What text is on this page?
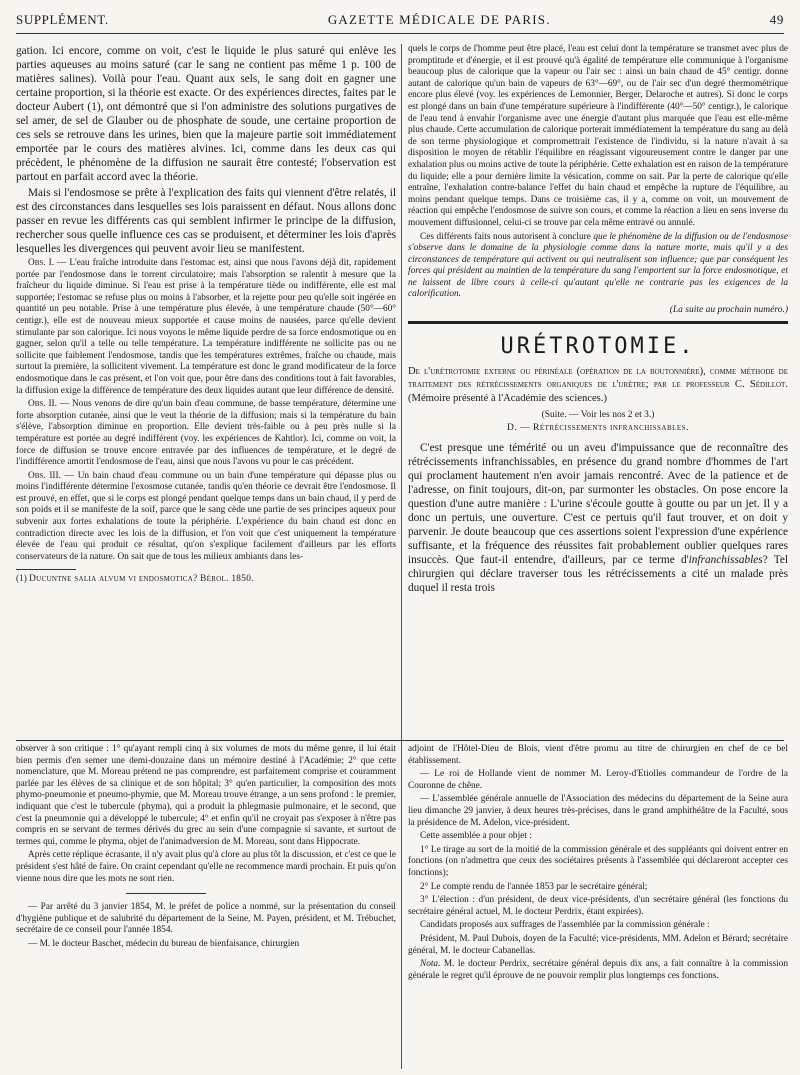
SUPPLÉMENT.	GAZETTE MÉDICALE DE PARIS.	49

gation. Ici encore, comme on voit, c'est le liquide le plus saturé qui enlève les parties aqueuses au moins saturé (car le sang ne contient pas même 1 p. 100 de matières salines). Voilà pour l'eau. Quant aux sels, le sang doit en gagner une certaine proportion, si la théorie est exacte. Or des expériences directes, faites par le docteur Aubert (1), ont démontré que si l'on administre des solutions purgatives de sel amer, de sel de Glauber ou de phosphate de soude, une certaine proportion de ces sels se retrouve dans les urines, bien que la majeure partie soit immédiatement emportée par le cours des matières alvines. Ici, comme dans les deux cas qui précèdent, le phénomène de la diffusion ne saurait être contesté; l'observation est partout en parfait accord avec la théorie.

Mais si l'endosmose se prête à l'explication des faits qui viennent d'être relatés, il est des circonstances dans lesquelles ses lois paraissent en défaut. Nous allons donc passer en revue les différents cas qui semblent infirmer le principe de la diffusion, rechercher sous quelle influence ces cas se produisent, et déterminer les lois d'après lesquelles les divergences qui peuvent avoir lieu se manifestent.

Obs. I. — L'eau fraîche introduite dans l'estomac est, ainsi que nous l'avons déjà dit, rapidement portée par l'endosmose dans le torrent circulatoire; mais l'absorption se ralentit à mesure que la fraîcheur du liquide diminue. Si l'eau est prise à la température tiède ou indifférente, elle est mal supportée; l'estomac se refuse plus ou moins à l'absorber, et la rejette pour peu qu'elle soit ingérée en quantité un peu notable. Prise à une température plus élevée, à une température chaude (50°—60° centigr.), elle est de nouveau mieux supportée et cause moins de nausées, parce qu'elle devient stimulante par son calorique. Ici nous voyons le même liquide perdre de sa force endosmotique ou en gagner, selon qu'il a telle ou telle température. La température indifférente ne sollicite pas ou ne sollicite que faiblement l'endosmose, tandis que les températures extrêmes, fraîche ou chaude, mais surtout la première, la sollicitent vivement. La température est donc le grand modificateur de la force endosmotique dans le cas présent, et l'on voit que, pour être dans des conditions tout à fait favorables, la diffusion exige la différence de température des deux liquides autant que leur différence de densité.

Obs. II. — Nous venons de dire qu'un bain d'eau commune, de basse température, détermine une forte absorption cutanée, ainsi que le veut la théorie de la diffusion; mais si la température du bain s'élève, l'absorption diminue en proportion. Elle devient très-faible ou à peu près nulle si la température est portée au degré indifférent (voy. les expériences de Kahtlor). Ici, comme on voit, la force de diffusion se trouve encore entravée par des influences de température, et le degré de l'indifférence amortit l'endosmose de l'eau, ainsi que nous l'avons vu pour le cas précédent.

Obs. III. — Un bain chaud d'eau commune ou un bain d'une température qui dépasse plus ou moins l'indifférente détermine l'exosmose cutanée, tandis qu'en théorie ce devrait être l'endosmose. Il est prouvé, en effet, que si le corps est plongé pendant quelque temps dans un bain chaud, il y perd de son poids et il se manifeste de la soif, parce que le sang cède une partie de ses principes aqueux pour subvenir aux fortes exhalations de toute la périphérie. L'expérience du bain chaud est donc en contradiction directe avec les lois de la diffusion, et l'on voit que c'est uniquement la température élevée de l'eau qui produit ce résultat, qu'on s'explique facilement d'ailleurs par les efforts conservateurs de la nature. On sait que de tous les milieux ambiants dans les-

(1) Ducuntne salia alvum vi endosmotica? Bérol. 1850.

quels le corps de l'homme peut être placé, l'eau est celui dont la température se transmet avec plus de promptitude et d'énergie, et il est prouvé qu'à égalité de température elle communique à l'organisme beaucoup plus de calorique que la vapeur ou l'air sec : ainsi un bain chaud de 45° centigr. donne autant de calorique qu'un bain de vapeurs de 63°—69°, ou de l'air sec d'un degré thermométrique encore plus élevé (voy. les expériences de Lemonnier, Berger, Delaroche et autres). Si donc le corps est plongé dans un bain d'une température supérieure à l'indifférente (40°—50° centigr.), le calorique de l'eau tend à envahir l'organisme avec une énergie d'autant plus marquée que l'eau est elle-même plus chaude. Cette accumulation de calorique porterait immédiatement la température du sang au delà de son terme physiologique et compromettrait l'existence de l'individu, si la nature n'avait à sa disposition le moyen de rétablir l'équilibre en réagissant vigoureusement contre le danger par une exhalation plus ou moins active de toute la périphérie. Cette exhalation est en raison de la température du liquide; elle a pour dernière limite la vésication, comme on sait. Par la perte de calorique qu'elle entraîne, l'exhalation contre-balance l'effet du bain chaud et empêche la rupture de l'équilibre, au moins pendant quelque temps. Dans ce troisième cas, il y a, comme on voit, un mouvement de réaction qui empêche l'endosmose de suivre son cours, et comme la réaction a lieu en sens inverse du mouvement diffusionnel, celui-ci se trouve par cela même entravé ou annulé.

Ces différents faits nous autorisent à conclure que le phénomène de la diffusion ou de l'endosmose s'observe dans le domaine de la physiologie comme dans la nature morte, mais qu'il y a des circonstances de température qui activent ou qui neutralisent son influence; que par conséquent les forces qui président au maintien de la température du sang l'emportent sur la force endosmotique, et ne laissent de libre cours à celle-ci qu'autant qu'elle ne contrarie pas les exigences de la calorification.

(La suite au prochain numéro.)
URÉTROTOMIE.

De l'urétrotomie externe ou périnéale (opération de la boutonnière), comme méthode de traitement des rétrécissements organiques de l'urètre; par le professeur C. Sédillot. (Mémoire présenté à l'Académie des sciences.)

(Suite. — Voir les nos 2 et 3.)
D. — Rétrécissements infranchissables.

C'est presque une témérité ou un aveu d'impuissance que de reconnaître des rétrécissements infranchissables, en présence du grand nombre d'hommes de l'art qui proclament hautement n'en avoir jamais rencontré. Avec de la patience et de l'adresse, on finit toujours, dit-on, par surmonter les obstacles. On pose encore la question d'une autre manière : L'urine s'écoule goutte à goutte ou par un jet. Il y a donc un pertuis, une ouverture. C'est ce pertuis qu'il faut trouver, et on doit y parvenir. Je doute beaucoup que ces assertions soient l'expression d'une expérience suffisante, et la fréquence des réussites fait probablement oublier quelques rares insuccès. Que faut-il entendre, d'ailleurs, par ce terme d'infranchissables? Tel chirurgien qui déclare traverser tous les rétrécissements a cité un malade près duquel il resta trois

observer à son critique : 1° qu'ayant rempli cinq à six volumes de mots du même genre, il lui était bien permis d'en semer une demi-douzaine dans un mémoire destiné à l'Académie; 2° que cette nomenclature, que M. Moreau prétend ne pas comprendre, est parfaitement comprise et couramment parlée par les élèves de sa clinique et de son hôpital; 3° qu'en particulier, la composition des mots phymo-pneumonie et pneumo-phymie, que M. Moreau trouve étrange, a un sens profond : le premier, indiquant que c'est le tubercule (phyma), qui a produit la phlegmasie pulmonaire, et le second, que c'est la pneumonie qui a développé le tubercule; 4° et enfin qu'il ne croyait pas s'exposer à n'être pas compris en se servant de termes dérivés du grec au sein d'une compagnie si savante, et surtout de termes qui, comme le phyma, objet de l'animadversion de M. Moreau, sont dans Hippocrate.

Après cette réplique écrasante, il n'y avait plus qu'à clore au plus tôt la discussion, et c'est ce que le président s'est hâté de faire. On craint cependant qu'elle ne recommence mardi prochain. Et puis qu'on vienne nous dire que les mots ne sont rien.

— Par arrêté du 3 janvier 1854, M. le préfet de police a nommé, sur la présentation du conseil d'hygiène publique et de salubrité du département de la Seine, M. Payen, président, et M. Trébuchet, secrétaire de ce conseil pour l'année 1854.

— M. le docteur Baschet, médecin du bureau de bienfaisance, chirurgien

adjoint de l'Hôtel-Dieu de Blois, vient d'être promu au titre de chirurgien en chef de ce bel établissement.

— Le roi de Hollande vient de nommer M. Leroy-d'Etiolles commandeur de l'ordre de la Couronne de chêne.

— L'assemblée générale annuelle de l'Association des médecins du département de la Seine aura lieu dimanche 29 janvier, à deux heures très-précises, dans le grand amphithéâtre de la Faculté, sous la présidence de M. Adelon, vice-président.

Cette assemblée a pour objet :

1° Le tirage au sort de la moitié de la commission générale et des suppléants qui doivent entrer en fonctions (on n'admettra que ceux des sociétaires présents à l'assemblée qui déclareront accepter ces fonctions);

2° Le compte rendu de l'année 1853 par le secrétaire général;

3° L'élection : d'un président, de deux vice-présidents, d'un secrétaire général (les fonctions du secrétaire général actuel, M. le docteur Perdrix, étant expirées).

Candidats proposés aux suffrages de l'assemblée par la commission générale :

Président, M. Paul Dubois, doyen de la Faculté; vice-présidents, MM. Adelon et Bérard; secrétaire général, M. le docteur Cabanellas.

Nota. M. le docteur Perdrix, secrétaire général depuis dix ans, a fait connaître à la commission générale le regret qu'il éprouve de ne pouvoir remplir plus longtemps ces fonctions.
